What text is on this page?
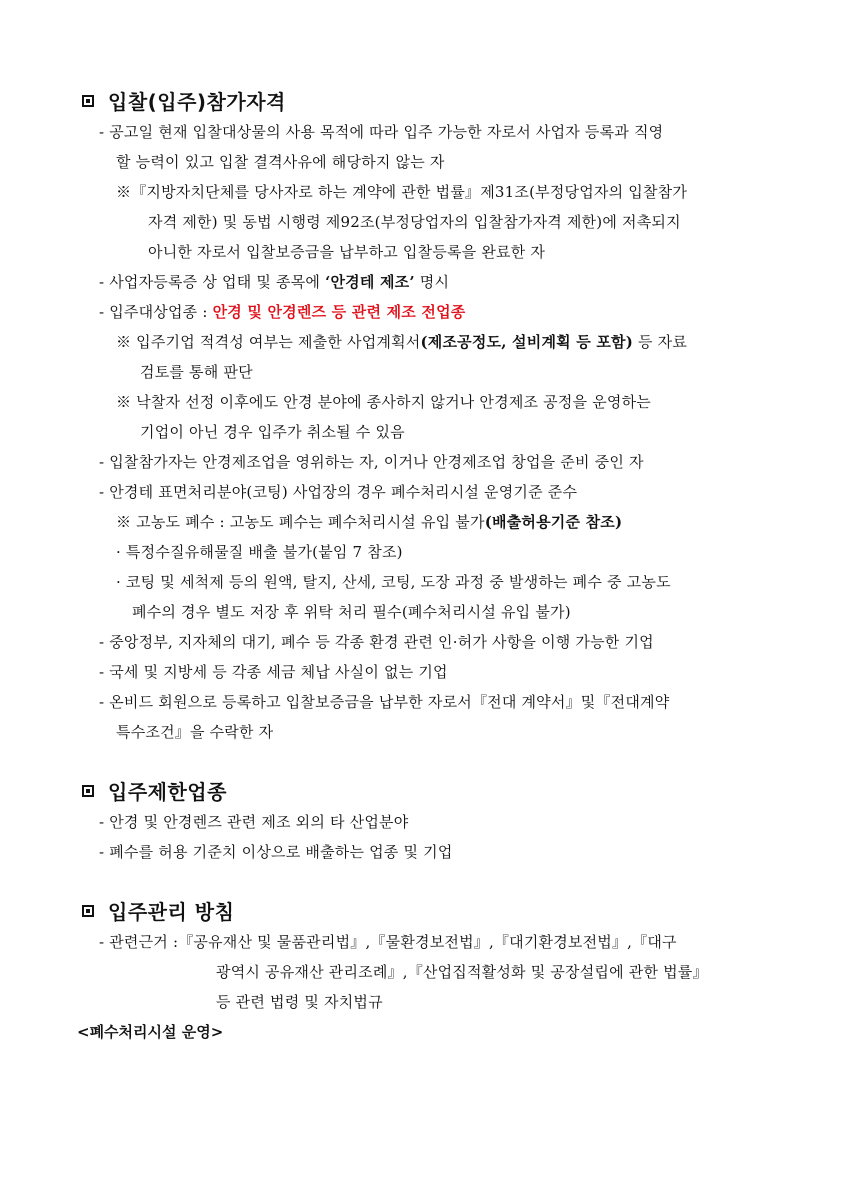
입찰(입주)참가자격
- 공고일 현재 입찰대상물의 사용 목적에 따라 입주 가능한 자로서 사업자 등록과 직영
할 능력이 있고 입찰 결격사유에 해당하지 않는 자
※『지방자치단체를 당사자로 하는 계약에 관한 법률』제31조(부정당업자의 입찰참가
자격 제한) 및 동법 시행령 제92조(부정당업자의 입찰참가자격 제한)에 저촉되지
아니한 자로서 입찰보증금을 납부하고 입찰등록을 완료한 자
- 사업자등록증 상 업태 및 종목에 ‘안경테 제조’ 명시
- 입주대상업종 : 안경 및 안경렌즈 등 관련 제조 전업종
※ 입주기업 적격성 여부는 제출한 사업계획서(제조공정도, 설비계획 등 포함) 등 자료
검토를 통해 판단
※ 낙찰자 선정 이후에도 안경 분야에 종사하지 않거나 안경제조 공정을 운영하는
기업이 아닌 경우 입주가 취소될 수 있음
- 입찰참가자는 안경제조업을 영위하는 자, 이거나 안경제조업 창업을 준비 중인 자
- 안경테 표면처리분야(코팅) 사업장의 경우 폐수처리시설 운영기준 준수
※ 고농도 폐수 : 고농도 폐수는 폐수처리시설 유입 불가(배출허용기준 참조)
· 특정수질유해물질 배출 불가(붙임 7 참조)
· 코팅 및 세척제 등의 원액, 탈지, 산세, 코팅, 도장 과정 중 발생하는 폐수 중 고농도
폐수의 경우 별도 저장 후 위탁 처리 필수(폐수처리시설 유입 불가)
- 중앙정부, 지자체의 대기, 폐수 등 각종 환경 관련 인·허가 사항을 이행 가능한 기업
- 국세 및 지방세 등 각종 세금 체납 사실이 없는 기업
- 온비드 회원으로 등록하고 입찰보증금을 납부한 자로서『전대 계약서』및『전대계약
특수조건』을 수락한 자
입주제한업종
- 안경 및 안경렌즈 관련 제조 외의 타 산업분야
- 폐수를 허용 기준치 이상으로 배출하는 업종 및 기업
입주관리 방침
- 관련근거 :『공유재산 및 물품관리법』,『물환경보전법』,『대기환경보전법』,『대구
광역시 공유재산 관리조례』,『산업집적활성화 및 공장설립에 관한 법률』
등 관련 법령 및 자치법규
<폐수처리시설 운영>
